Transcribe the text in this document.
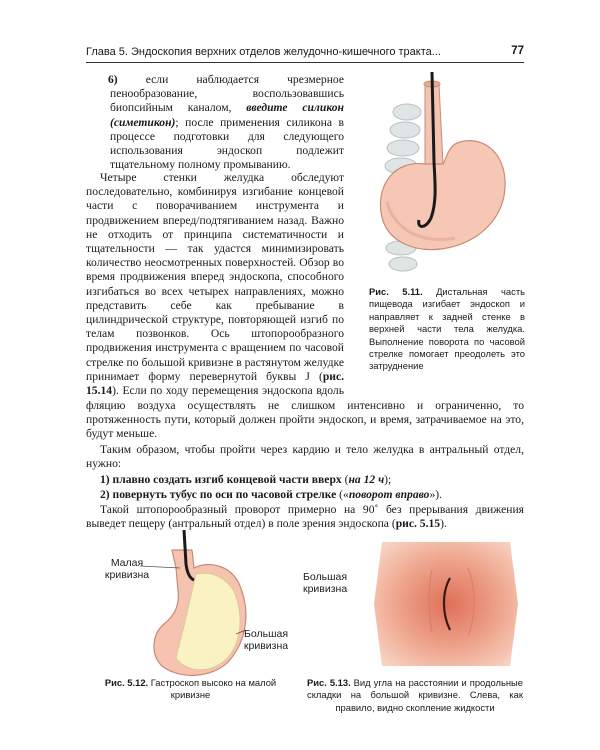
Глава 5. Эндоскопия верхних отделов желудочно-кишечного тракта...	77

6) если наблюдается чрезмерное пенообразование, воспользовавшись биопсийным каналом, введите силикон (симетикон); после применения силикона в процессе подготовки для следующего использования эндоскоп подлежит тщательному полному промыванию.

Четыре стенки желудка обследуют последовательно, комбинируя изгибание концевой части с поворачиванием инструмента и продвижением вперед/подтягиванием назад. Важно не отходить от принципа систематичности и тщательности — так удастся минимизировать количество неосмотренных поверхностей. Обзор во время продвижения вперед эндоскопа, способного изгибаться во всех четырех направлениях, можно представить себе как пребывание в цилиндрической структуре, повторяющей изгиб по телам позвонков. Ось штопорообразного продвижения инструмента с вращением по часовой стрелке по большой кривизне в растянутом желудке принимает форму перевернутой буквы J (рис. 15.14). Если по ходу перемещения эндоскопа вдоль

фляцию воздуха осуществлять не слишком интенсивно и ограниченно, то протяженность пути, который должен пройти эндоскоп, и время, затрачиваемое на это, будут меньше.

Таким образом, чтобы пройти через кардию и тело желудка в антральный отдел, нужно:

1) плавно создать изгиб концевой части вверх (на 12 ч);

2) повернуть тубус по оси по часовой стрелке («поворот вправо»).

Такой штопорообразный проворот примерно на 90˚ без прерывания движения выведет пещеру (антральный отдел) в поле зрения эндоскопа (рис. 5.15).

Рис. 5.11. Дистальная часть пищевода изгибает эндоскоп и направляет к задней стенке в верхней части тела желудка. Выполнение поворота по часовой стрелке помогает преодолеть это затруднение

Малая кривизна
Большая кривизна

Рис. 5.12. Гастроскоп высоко на малой кривизне

Большая кривизна

Рис. 5.13. Вид угла на расстоянии и продольные складки на большой кривизне. Слева, как правило, видно скопление жидкости
